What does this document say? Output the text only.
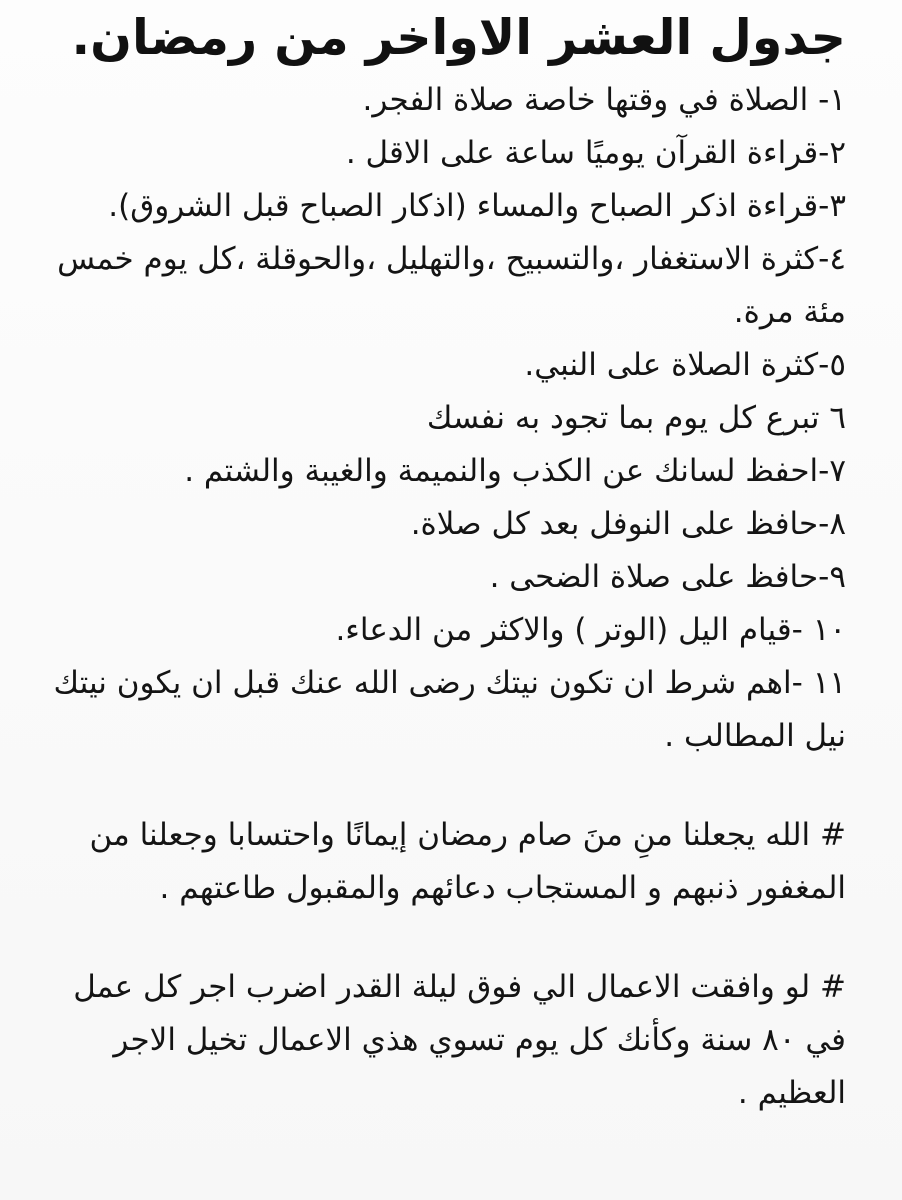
جدول العشر الاواخر من رمضان.
١- الصلاة في وقتها خاصة صلاة الفجر.
٢-قراءة القرآن يوميًا ساعة على الاقل .
٣-قراءة اذكر الصباح والمساء (اذكار الصباح قبل الشروق).
٤-كثرة الاستغفار ،والتسبيح ،والتهليل ،والحوقلة ،كل يوم خمس مئة مرة.
٥-كثرة الصلاة على النبي.
٦ تبرع كل يوم بما تجود به نفسك
٧-احفظ لسانك عن الكذب والنميمة والغيبة والشتم .
٨-حافظ على النوفل بعد كل صلاة.
٩-حافظ على صلاة الضحى .
١٠ -قيام اليل (الوتر ) والاكثر من الدعاء.
١١ -اهم شرط ان تكون نيتك رضى الله عنك قبل ان يكون نيتك نيل المطالب .

# الله يجعلنا منِ منَ صام رمضان إيمانًا واحتسابا وجعلنا من المغفور ذنبهم و المستجاب دعائهم والمقبول طاعتهم .

# لو وافقت الاعمال الي فوق ليلة القدر اضرب اجر كل عمل في ٨٠ سنة وكأنك كل يوم تسوي هذي الاعمال تخيل الاجر العظيم .
